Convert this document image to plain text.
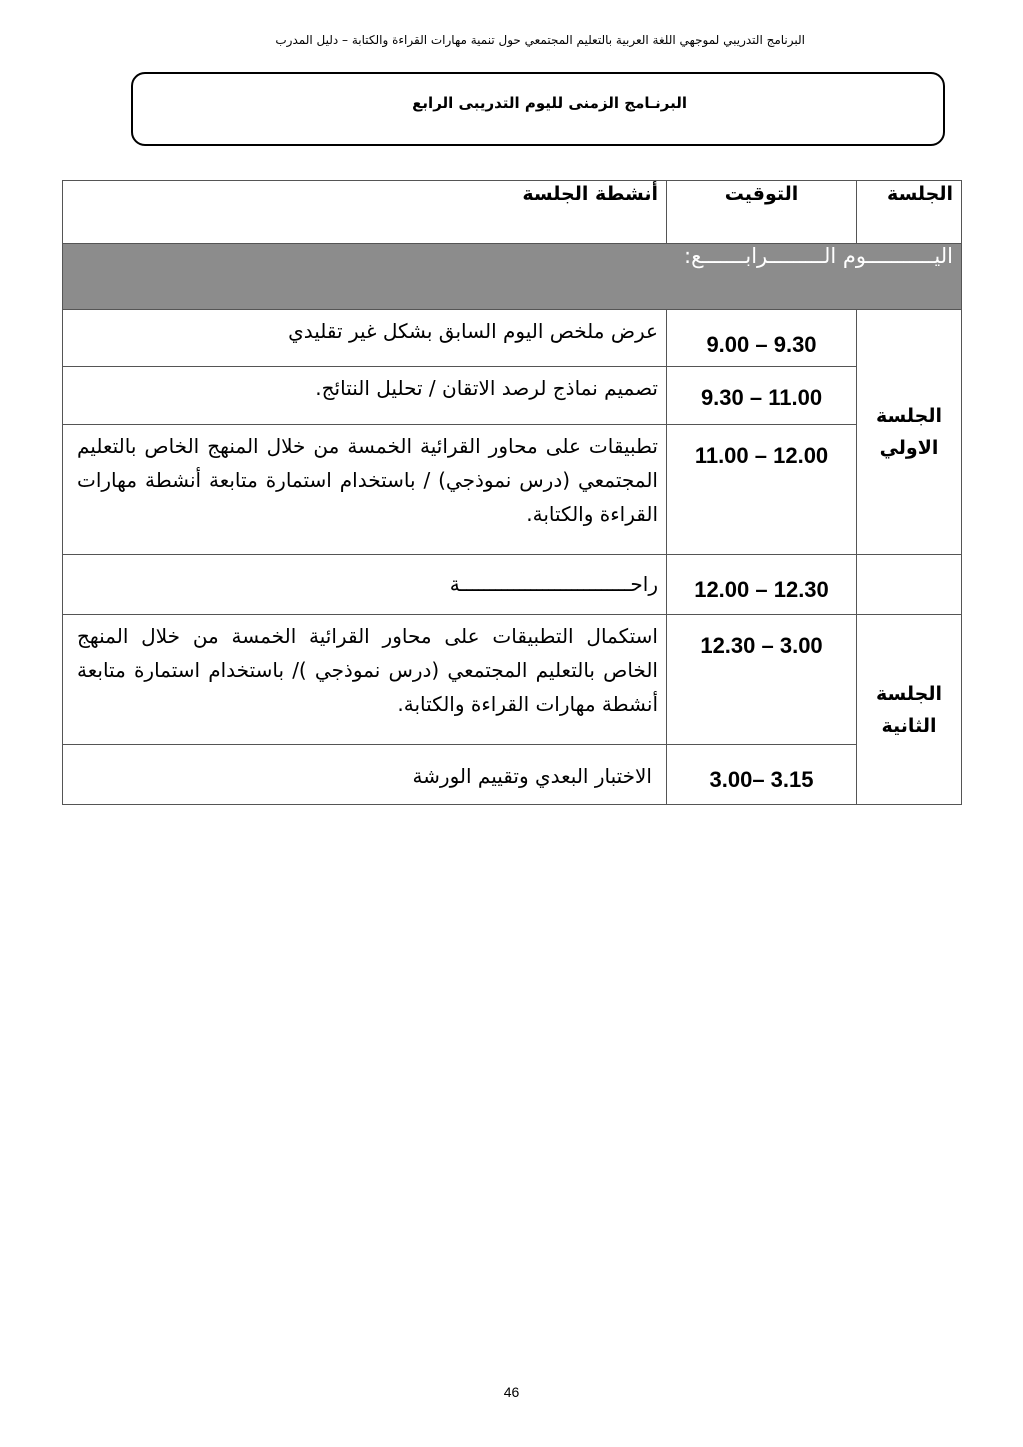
البرنامج التدريبي لموجهي اللغة العربية بالتعليم المجتمعي حول تنمية مهارات القراءة والكتابة – دليل المدرب
البرنـامج الزمنى لليوم التدريبى الرابع
الجلسة	التوقيت	أنشطة الجلسة
اليـــــــــــوم الـــــــــرابـــــــع:		
الجلسة الاولي	9.00 – 9.30	عرض ملخص اليوم السابق بشكل غير تقليدي
	9.30 – 11.00	تصميم نماذج لرصد الاتقان / تحليل النتائج.
	11.00 – 12.00	تطبيقات على محاور القرائية الخمسة من خلال المنهج الخاص بالتعليم المجتمعي (درس نموذجي) / باستخدام استمارة متابعة أنشطة مهارات القراءة والكتابة.
	12.00 – 12.30	راحـــــــــــــــــــــــــــــة
الجلسة الثانية	12.30 – 3.00	استكمال التطبيقات على محاور القرائية الخمسة من خلال المنهج الخاص بالتعليم المجتمعي (درس نموذجي )/ باستخدام استمارة متابعة أنشطة مهارات القراءة والكتابة.
	3.00– 3.15	الاختبار البعدي وتقييم الورشة
46
